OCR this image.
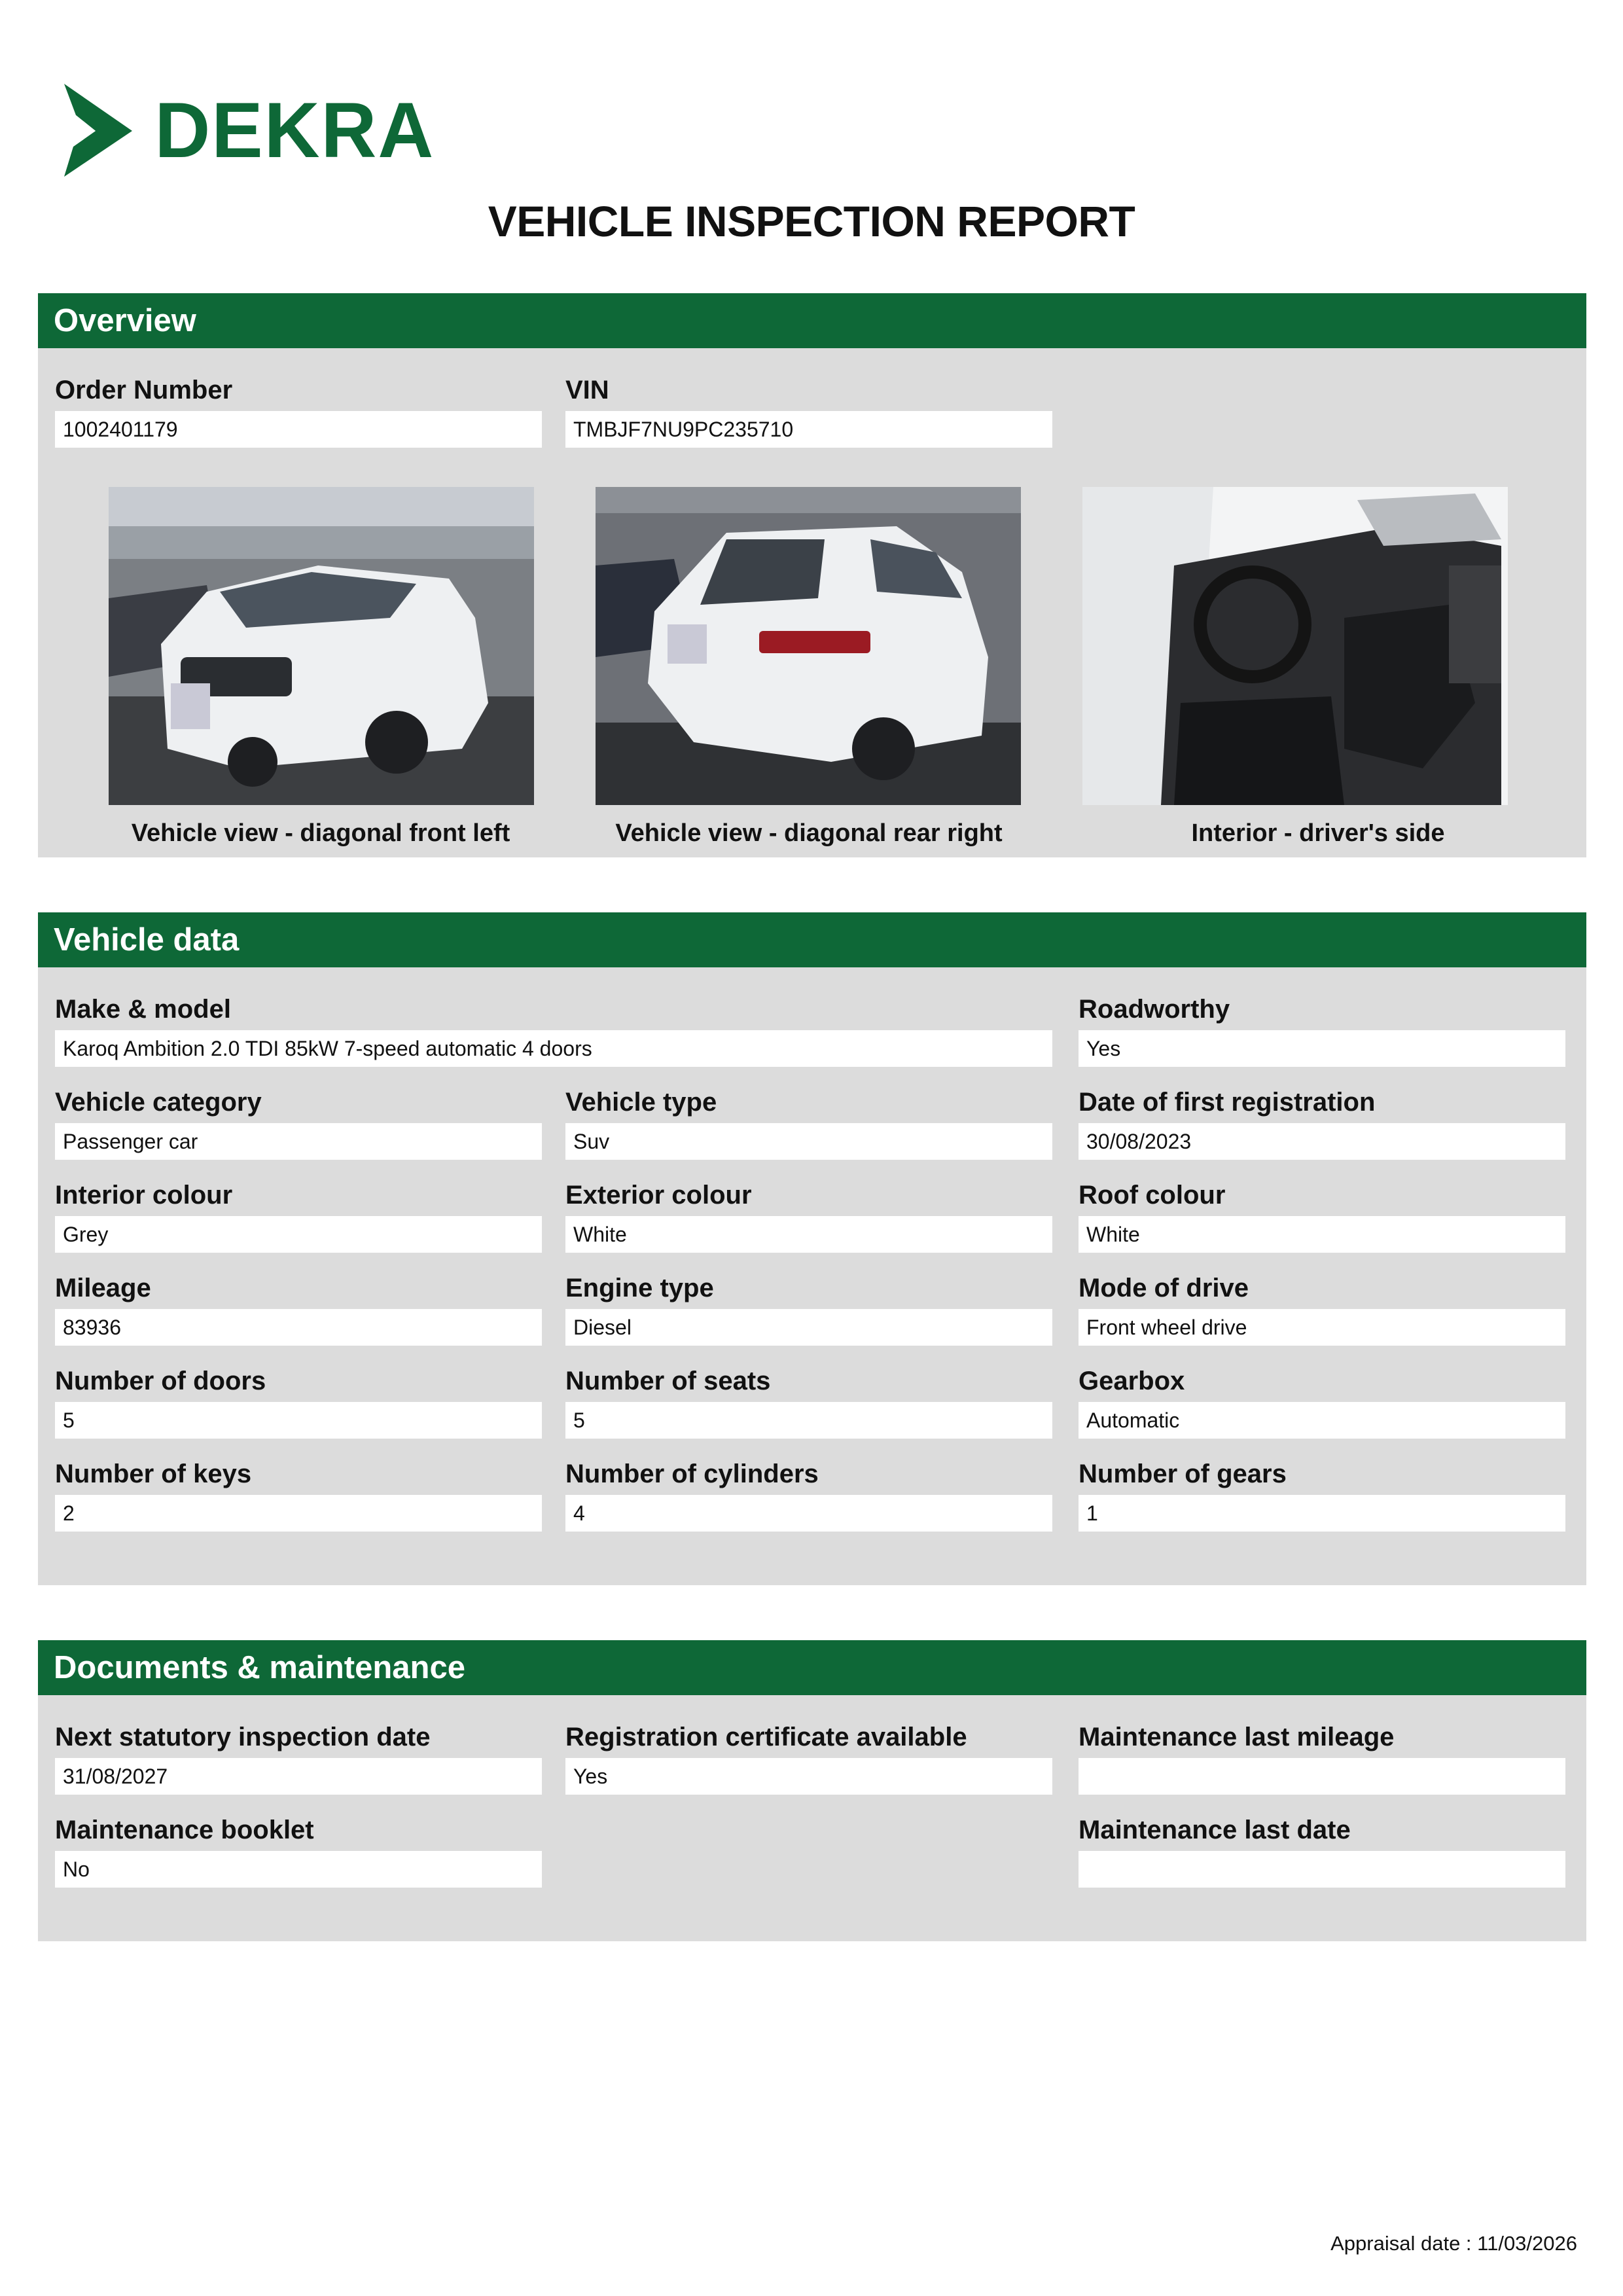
DEKRA
VEHICLE INSPECTION REPORT
Overview
Order Number
1002401179
VIN
TMBJF7NU9PC235710
Vehicle view - diagonal front left	Vehicle view - diagonal rear right	Interior - driver's side
Vehicle data
Make & model
Karoq Ambition 2.0 TDI 85kW 7-speed automatic 4 doors
Roadworthy
Yes
Vehicle category
Passenger car
Vehicle type
Suv
Date of first registration
30/08/2023
Interior colour
Grey
Exterior colour
White
Roof colour
White
Mileage
83936
Engine type
Diesel
Mode of drive
Front wheel drive
Number of doors
5
Number of seats
5
Gearbox
Automatic
Number of keys
2
Number of cylinders
4
Number of gears
1
Documents & maintenance
Next statutory inspection date
31/08/2027
Registration certificate available
Yes
Maintenance last mileage
Maintenance booklet
No
Maintenance last date
Appraisal date : 11/03/2026
